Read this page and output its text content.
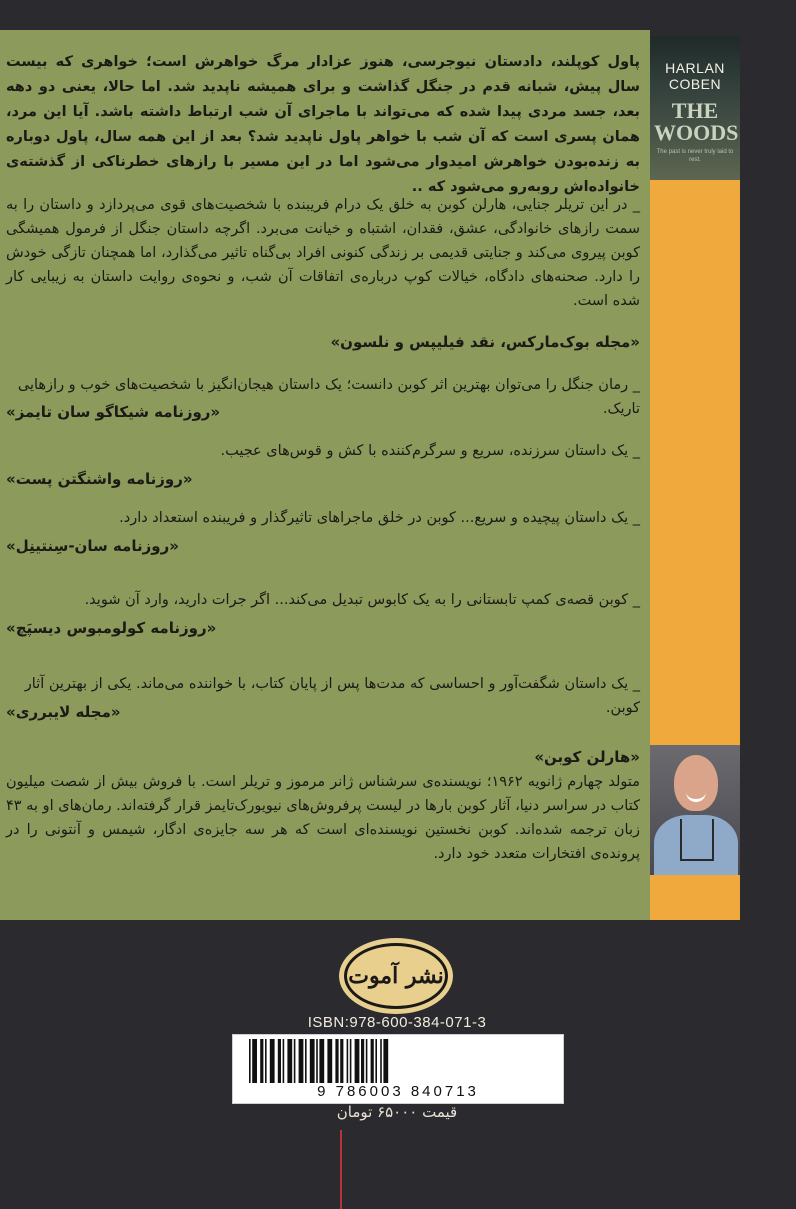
HARLAN COBEN
THE WOODS
The past is never truly laid to rest.
پاول کوپلند، دادستان نیوجرسی، هنوز عزادار مرگ خواهرش است؛ خواهری که بیست سال پیش، شبانه قدم در جنگل گذاشت و برای همیشه ناپدید شد. اما حالا، یعنی دو دهه بعد، جسد مردی پیدا شده که می‌تواند با ماجرای آن شب ارتباط داشته باشد. آیا این مرد، همان پسری است که آن شب با خواهر پاول ناپدید شد؟ بعد از این همه سال، پاول دوباره به زنده‌بودن خواهرش امیدوار می‌شود اما در این مسیر با رازهای خطرناکی از گذشته‌ی خانواده‌اش روبه‌رو می‌شود که ..
_ در این تریلر جنایی، هارلن کوبن به خلق یک درام فریبنده با شخصیت‌های قوی می‌پردازد و داستان را به سمت رازهای خانوادگی، عشق، فقدان، اشتباه و خیانت می‌برد. اگرچه داستان جنگل از فرمول همیشگی کوبن پیروی می‌کند و جنایتی قدیمی بر زندگی کنونی افراد بی‌گناه تاثیر می‌گذارد، اما همچنان تازگی خودش را دارد. صحنه‌های دادگاه، خیالات کوپ درباره‌ی اتفاقات آن شب، و نحوه‌ی روایت داستان به زیبایی کار شده است.
«مجله بوک‌مارکس، نقد فیلیپس و نلسون»
_ رمان جنگل را می‌توان بهترین اثر کوبن دانست؛ یک داستان هیجان‌انگیز با شخصیت‌های خوب و رازهایی تاریک.
«روزنامه شیکاگو سان تایمز»
_ یک داستان سرزنده، سریع و سرگرم‌کننده با کش و قوس‌های عجیب.
«روزنامه واشنگتن پست»
_ یک داستان پیچیده و سریع... کوبن در خلق ماجراهای تاثیرگذار و فریبنده استعداد دارد.
«روزنامه سان-سِنتینِل»
_ کوبن قصه‌ی کمپ تابستانی را به یک کابوس تبدیل می‌کند... اگر جرات دارید، وارد آن شوید.
«روزنامه کولومبوس دیسپَچ»
_ یک داستان شگفت‌آور و احساسی که مدت‌ها پس از پایان کتاب، با خواننده می‌ماند. یکی از بهترین آثار کوبن.
«مجله لایبرری»
«هارلن کوبن»
متولد چهارم ژانویه ۱۹۶۲؛ نویسنده‌ی سرشناس ژانر مرموز و تریلر است. با فروش بیش از شصت میلیون کتاب در سراسر دنیا، آثار کوبن بارها در لیست پرفروش‌های نیویورک‌تایمز قرار گرفته‌اند. رمان‌های او به ۴۳ زبان ترجمه شده‌اند. کوبن نخستین نویسنده‌ای است که هر سه جایزه‌ی ادگار، شیمس و آنتونی را در پرونده‌ی افتخارات متعدد خود دارد.
نشر آموت
ISBN:978-600-384-071-3
9 786003 840713
قیمت ۶۵۰۰۰ تومان
